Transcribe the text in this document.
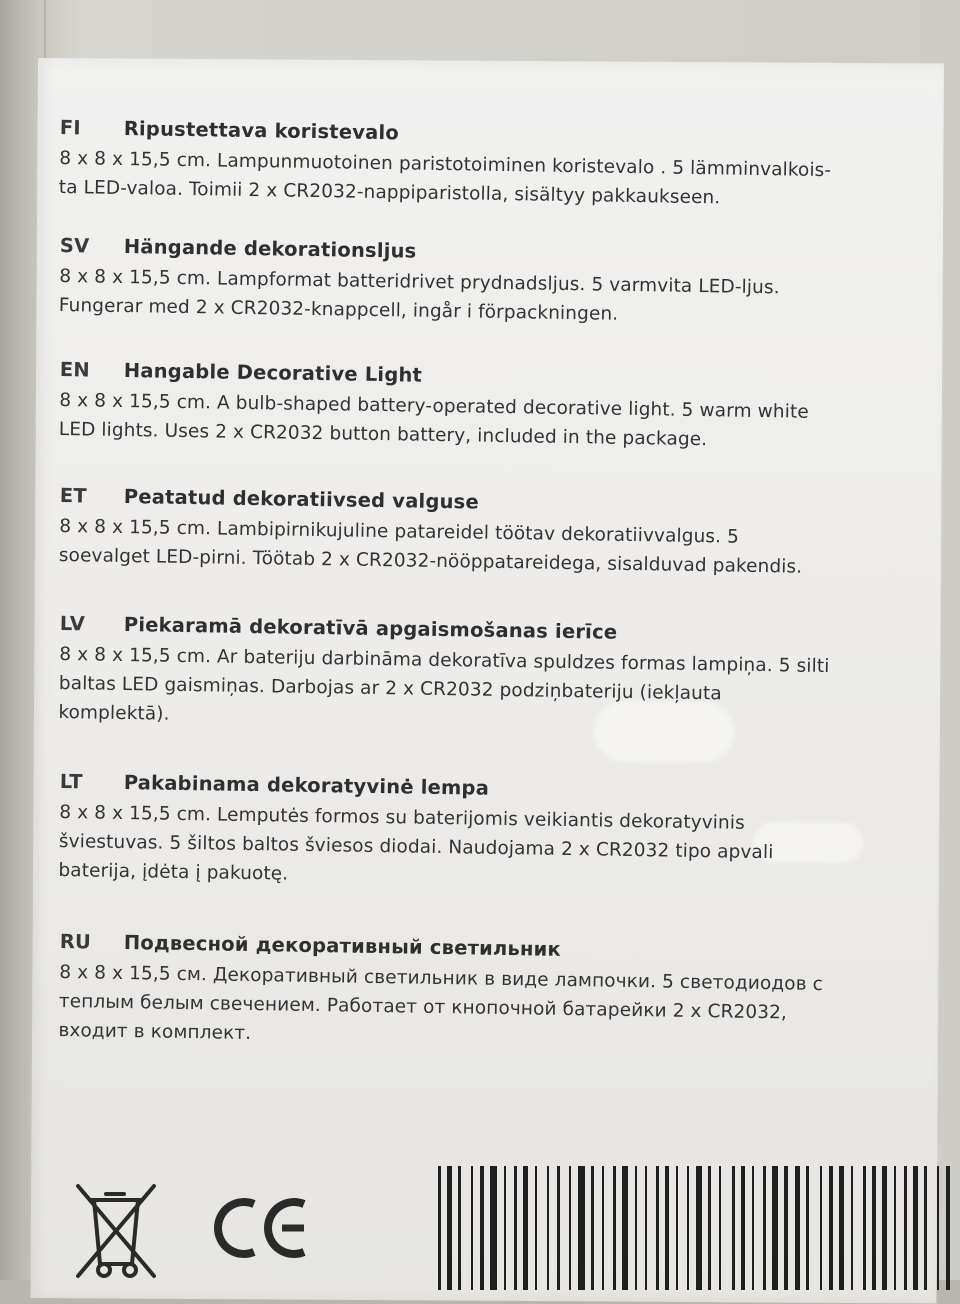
FI	Ripustettava koristevalo
8 x 8 x 15,5 cm. Lampunmuotoinen paristotoiminen koristevalo . 5 lämminvalkois-
ta LED-valoa. Toimii 2 x CR2032-nappiparistolla, sisältyy pakkaukseen.
SV	Hängande dekorationsljus
8 x 8 x 15,5 cm. Lampformat batteridrivet prydnadsljus. 5 varmvita LED-ljus.
Fungerar med 2 x CR2032-knappcell, ingår i förpackningen.
EN	Hangable Decorative Light
8 x 8 x 15,5 cm. A bulb-shaped battery-operated decorative light. 5 warm white
LED lights. Uses 2 x CR2032 button battery, included in the package.
ET	Peatatud dekoratiivsed valguse
8 x 8 x 15,5 cm. Lambipirnikujuline patareidel töötav dekoratiivvalgus. 5
soevalget LED-pirni. Töötab 2 x CR2032-nööppatareidega, sisalduvad pakendis.
LV	Piekaramā dekoratīvā apgaismošanas ierīce
8 x 8 x 15,5 cm. Ar bateriju darbināma dekoratīva spuldzes formas lampiņa. 5 silti
baltas LED gaismiņas. Darbojas ar 2 x CR2032 podziņbateriju (iekļauta
komplektā).
LT	Pakabinama dekoratyvinė lempa
8 x 8 x 15,5 cm. Lemputės formos su baterijomis veikiantis dekoratyvinis
šviestuvas. 5 šiltos baltos šviesos diodai. Naudojama 2 x CR2032 tipo apvali
baterija, įdėta į pakuotę.
RU	Подвесной декоративный светильник
8 x 8 x 15,5 см. Декоративный светильник в виде лампочки. 5 светодиодов с
теплым белым свечением. Работает от кнопочной батарейки 2 x CR2032,
входит в комплект.
